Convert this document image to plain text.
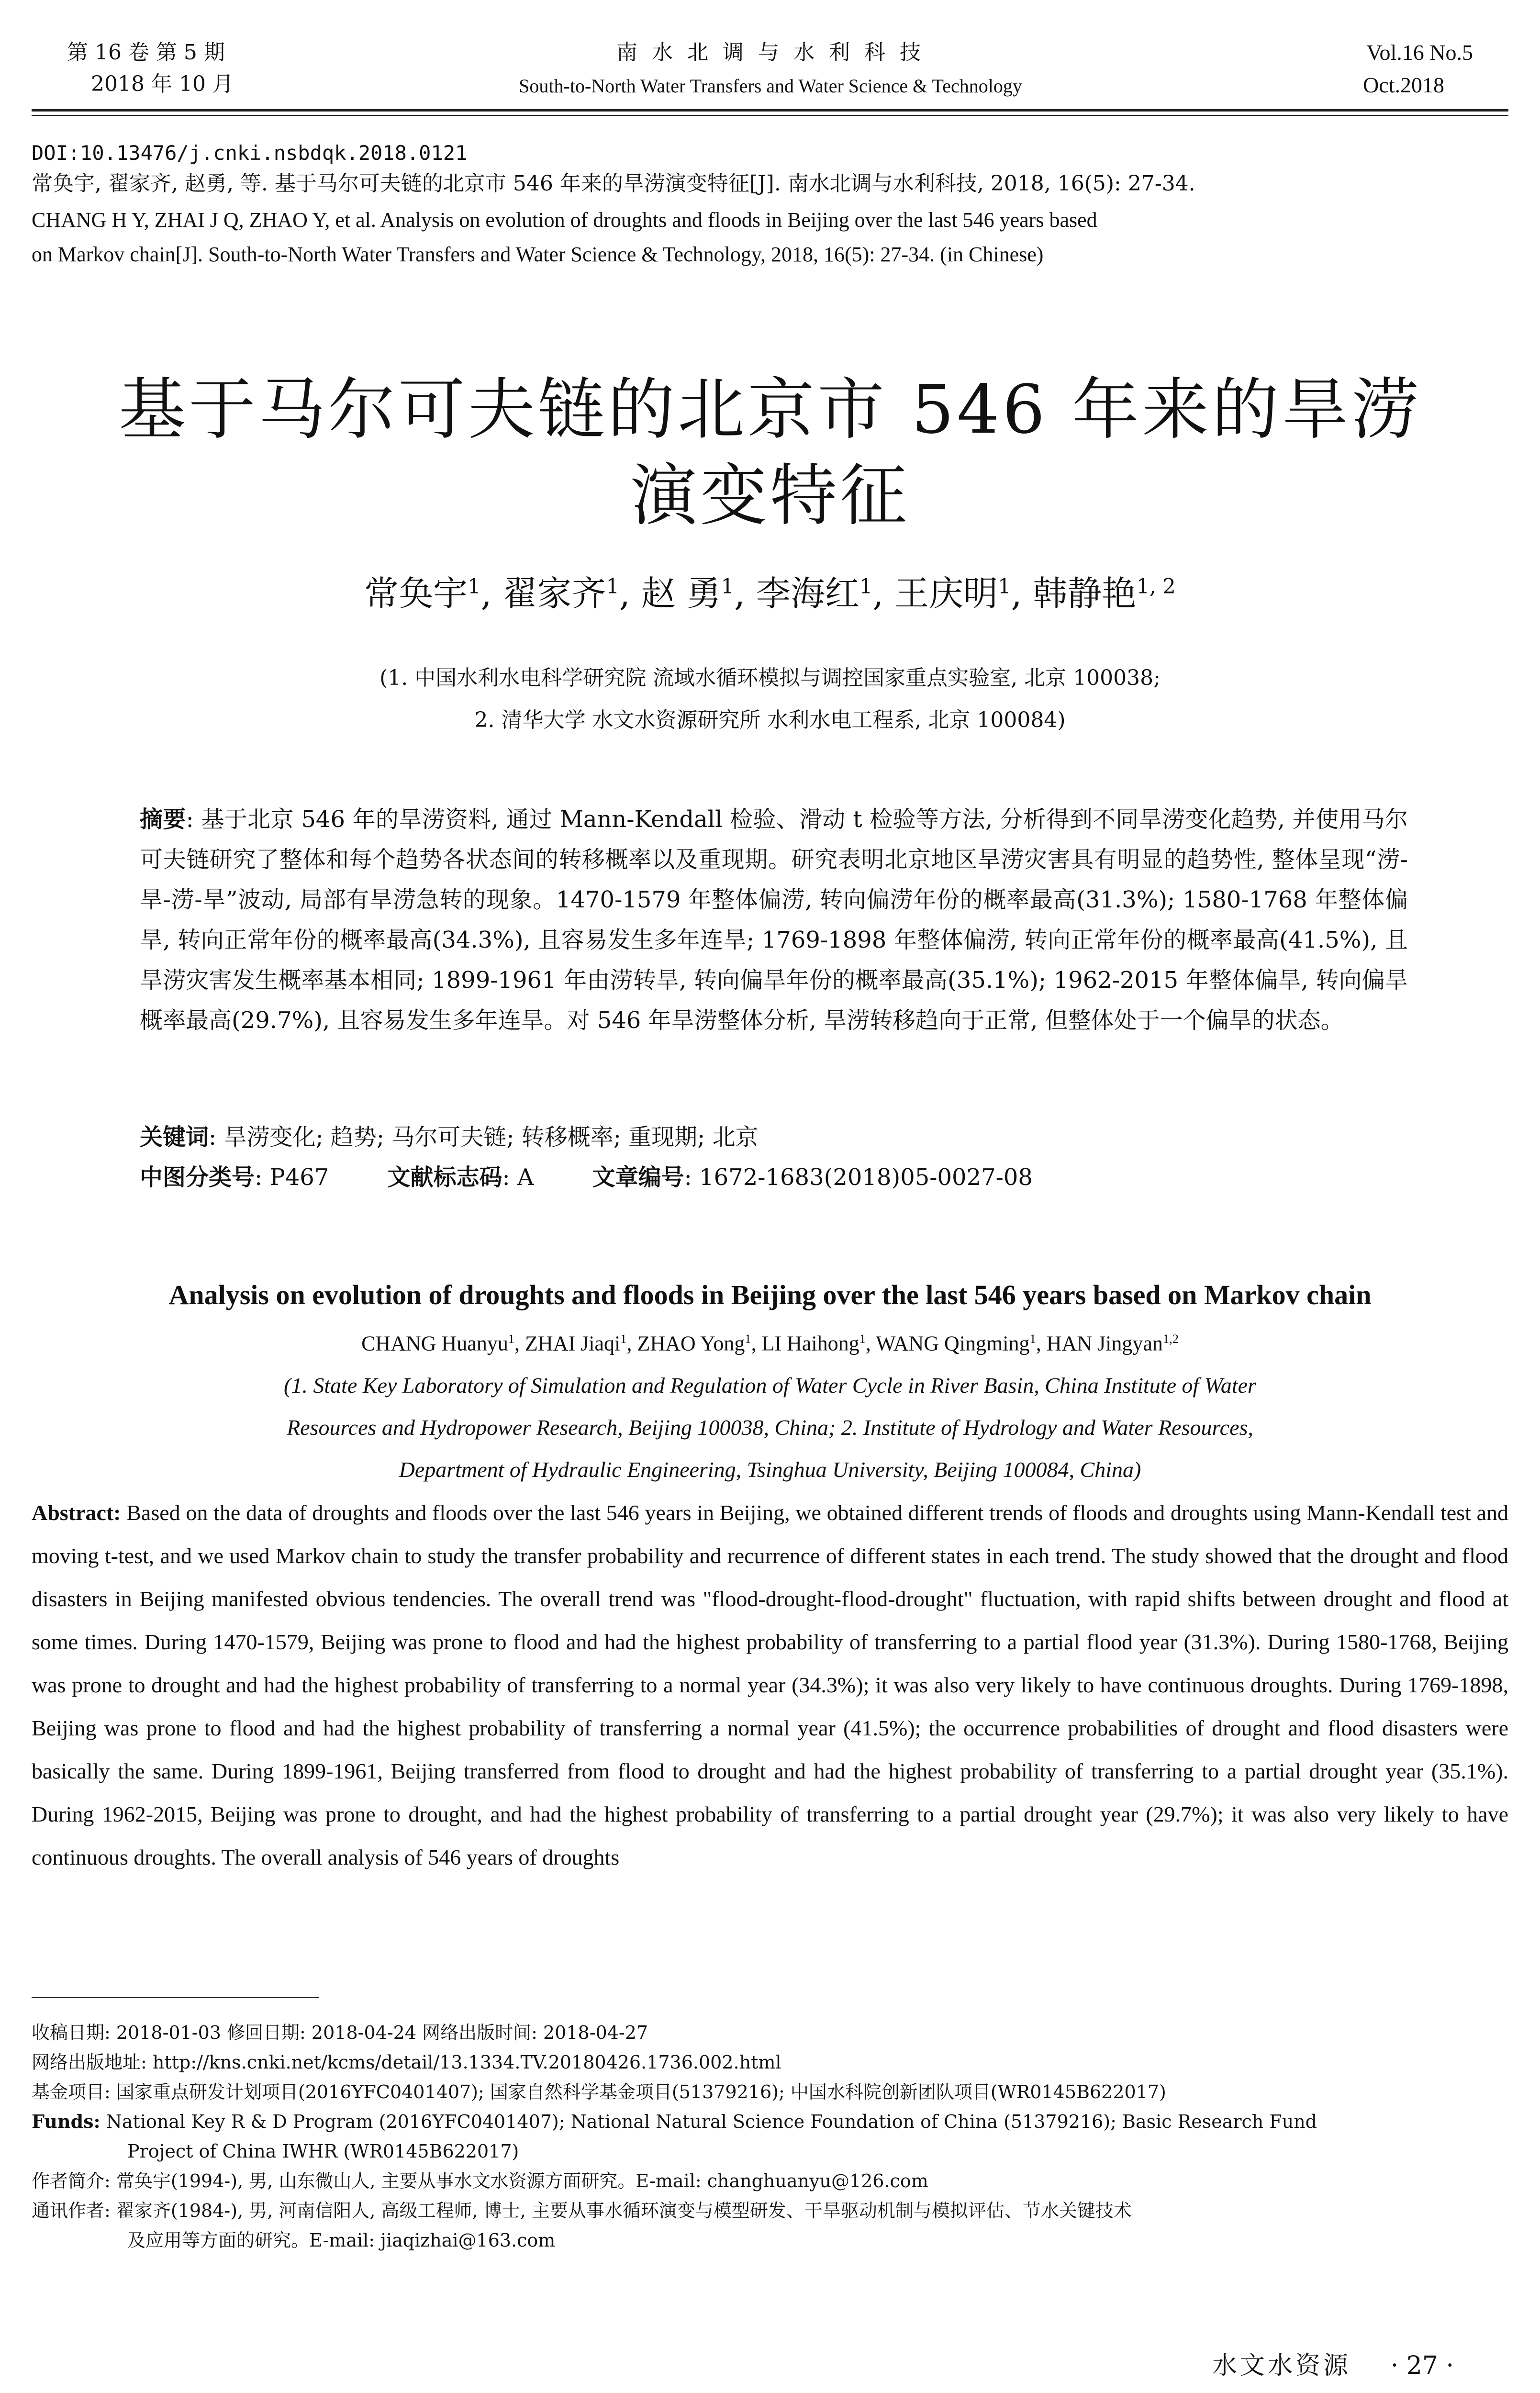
第 16 卷 第 5 期
2018 年 10 月
南 水 北 调 与 水 利 科 技
South-to-North Water Transfers and Water Science & Technology
Vol.16 No.5
Oct.2018
DOI:10.13476/j.cnki.nsbdqk.2018.0121
常奂宇, 翟家齐, 赵勇, 等. 基于马尔可夫链的北京市 546 年来的旱涝演变特征[J]. 南水北调与水利科技, 2018, 16(5): 27-34.
CHANG H Y, ZHAI J Q, ZHAO Y, et al. Analysis on evolution of droughts and floods in Beijing over the last 546 years based
on Markov chain[J]. South-to-North Water Transfers and Water Science & Technology, 2018, 16(5): 27-34. (in Chinese)
基于马尔可夫链的北京市 546 年来的旱涝
演变特征
常奂宇$^1$, 翟家齐$^1$, 赵 勇$^1$, 李海红$^1$, 王庆明$^1$, 韩静艳$^{1, 2}$
(1. 中国水利水电科学研究院 流域水循环模拟与调控国家重点实验室, 北京 100038;
2. 清华大学 水文水资源研究所 水利水电工程系, 北京 100084)
摘要: 基于北京 546 年的旱涝资料, 通过 Mann-Kendall 检验、滑动 t 检验等方法, 分析得到不同旱涝变化趋势, 并使用马尔可夫链研究了整体和每个趋势各状态间的转移概率以及重现期。研究表明北京地区旱涝灾害具有明显的趋势性, 整体呈现“涝-旱-涝-旱”波动, 局部有旱涝急转的现象。1470-1579 年整体偏涝, 转向偏涝年份的概率最高(31.3%); 1580-1768 年整体偏旱, 转向正常年份的概率最高(34.3%), 且容易发生多年连旱; 1769-1898 年整体偏涝, 转向正常年份的概率最高(41.5%), 且旱涝灾害发生概率基本相同; 1899-1961 年由涝转旱, 转向偏旱年份的概率最高(35.1%); 1962-2015 年整体偏旱, 转向偏旱概率最高(29.7%), 且容易发生多年连旱。对 546 年旱涝整体分析, 旱涝转移趋向于正常, 但整体处于一个偏旱的状态。
关键词: 旱涝变化; 趋势; 马尔可夫链; 转移概率; 重现期; 北京
中图分类号: P467	文献标志码: A	文章编号: 1672-1683(2018)05-0027-08
Analysis on evolution of droughts and floods in Beijing over the last 546 years based on Markov chain
CHANG Huanyu$^1$, ZHAI Jiaqi$^1$, ZHAO Yong$^1$, LI Haihong$^1$, WANG Qingming$^1$, HAN Jingyan$^{1,2}$
(1. State Key Laboratory of Simulation and Regulation of Water Cycle in River Basin, China Institute of Water
Resources and Hydropower Research, Beijing 100038, China; 2. Institute of Hydrology and Water Resources,
Department of Hydraulic Engineering, Tsinghua University, Beijing 100084, China)
Abstract: Based on the data of droughts and floods over the last 546 years in Beijing, we obtained different trends of floods and droughts using Mann-Kendall test and moving t-test, and we used Markov chain to study the transfer probability and recurrence of different states in each trend. The study showed that the drought and flood disasters in Beijing manifested obvious tendencies. The overall trend was "flood-drought-flood-drought" fluctuation, with rapid shifts between drought and flood at some times. During 1470-1579, Beijing was prone to flood and had the highest probability of transferring to a partial flood year (31.3%). During 1580-1768, Beijing was prone to drought and had the highest probability of transferring to a normal year (34.3%); it was also very likely to have continuous droughts. During 1769-1898, Beijing was prone to flood and had the highest probability of transferring a normal year (41.5%); the occurrence probabilities of drought and flood disasters were basically the same. During 1899-1961, Beijing transferred from flood to drought and had the highest probability of transferring to a partial drought year (35.1%). During 1962-2015, Beijing was prone to drought, and had the highest probability of transferring to a partial drought year (29.7%); it was also very likely to have continuous droughts. The overall analysis of 546 years of droughts
收稿日期: 2018-01-03 修回日期: 2018-04-24 网络出版时间: 2018-04-27
网络出版地址: http://kns.cnki.net/kcms/detail/13.1334.TV.20180426.1736.002.html
基金项目: 国家重点研发计划项目(2016YFC0401407); 国家自然科学基金项目(51379216); 中国水科院创新团队项目(WR0145B622017)
Funds: National Key R & D Program (2016YFC0401407); National Natural Science Foundation of China (51379216); Basic Research Fund
Project of China IWHR (WR0145B622017)
作者简介: 常奂宇(1994-), 男, 山东微山人, 主要从事水文水资源方面研究。E-mail: changhuanyu@126.com
通讯作者: 翟家齐(1984-), 男, 河南信阳人, 高级工程师, 博士, 主要从事水循环演变与模型研发、干旱驱动机制与模拟评估、节水关键技术
及应用等方面的研究。E-mail: jiaqizhai@163.com
水文水资源 · 27 ·
